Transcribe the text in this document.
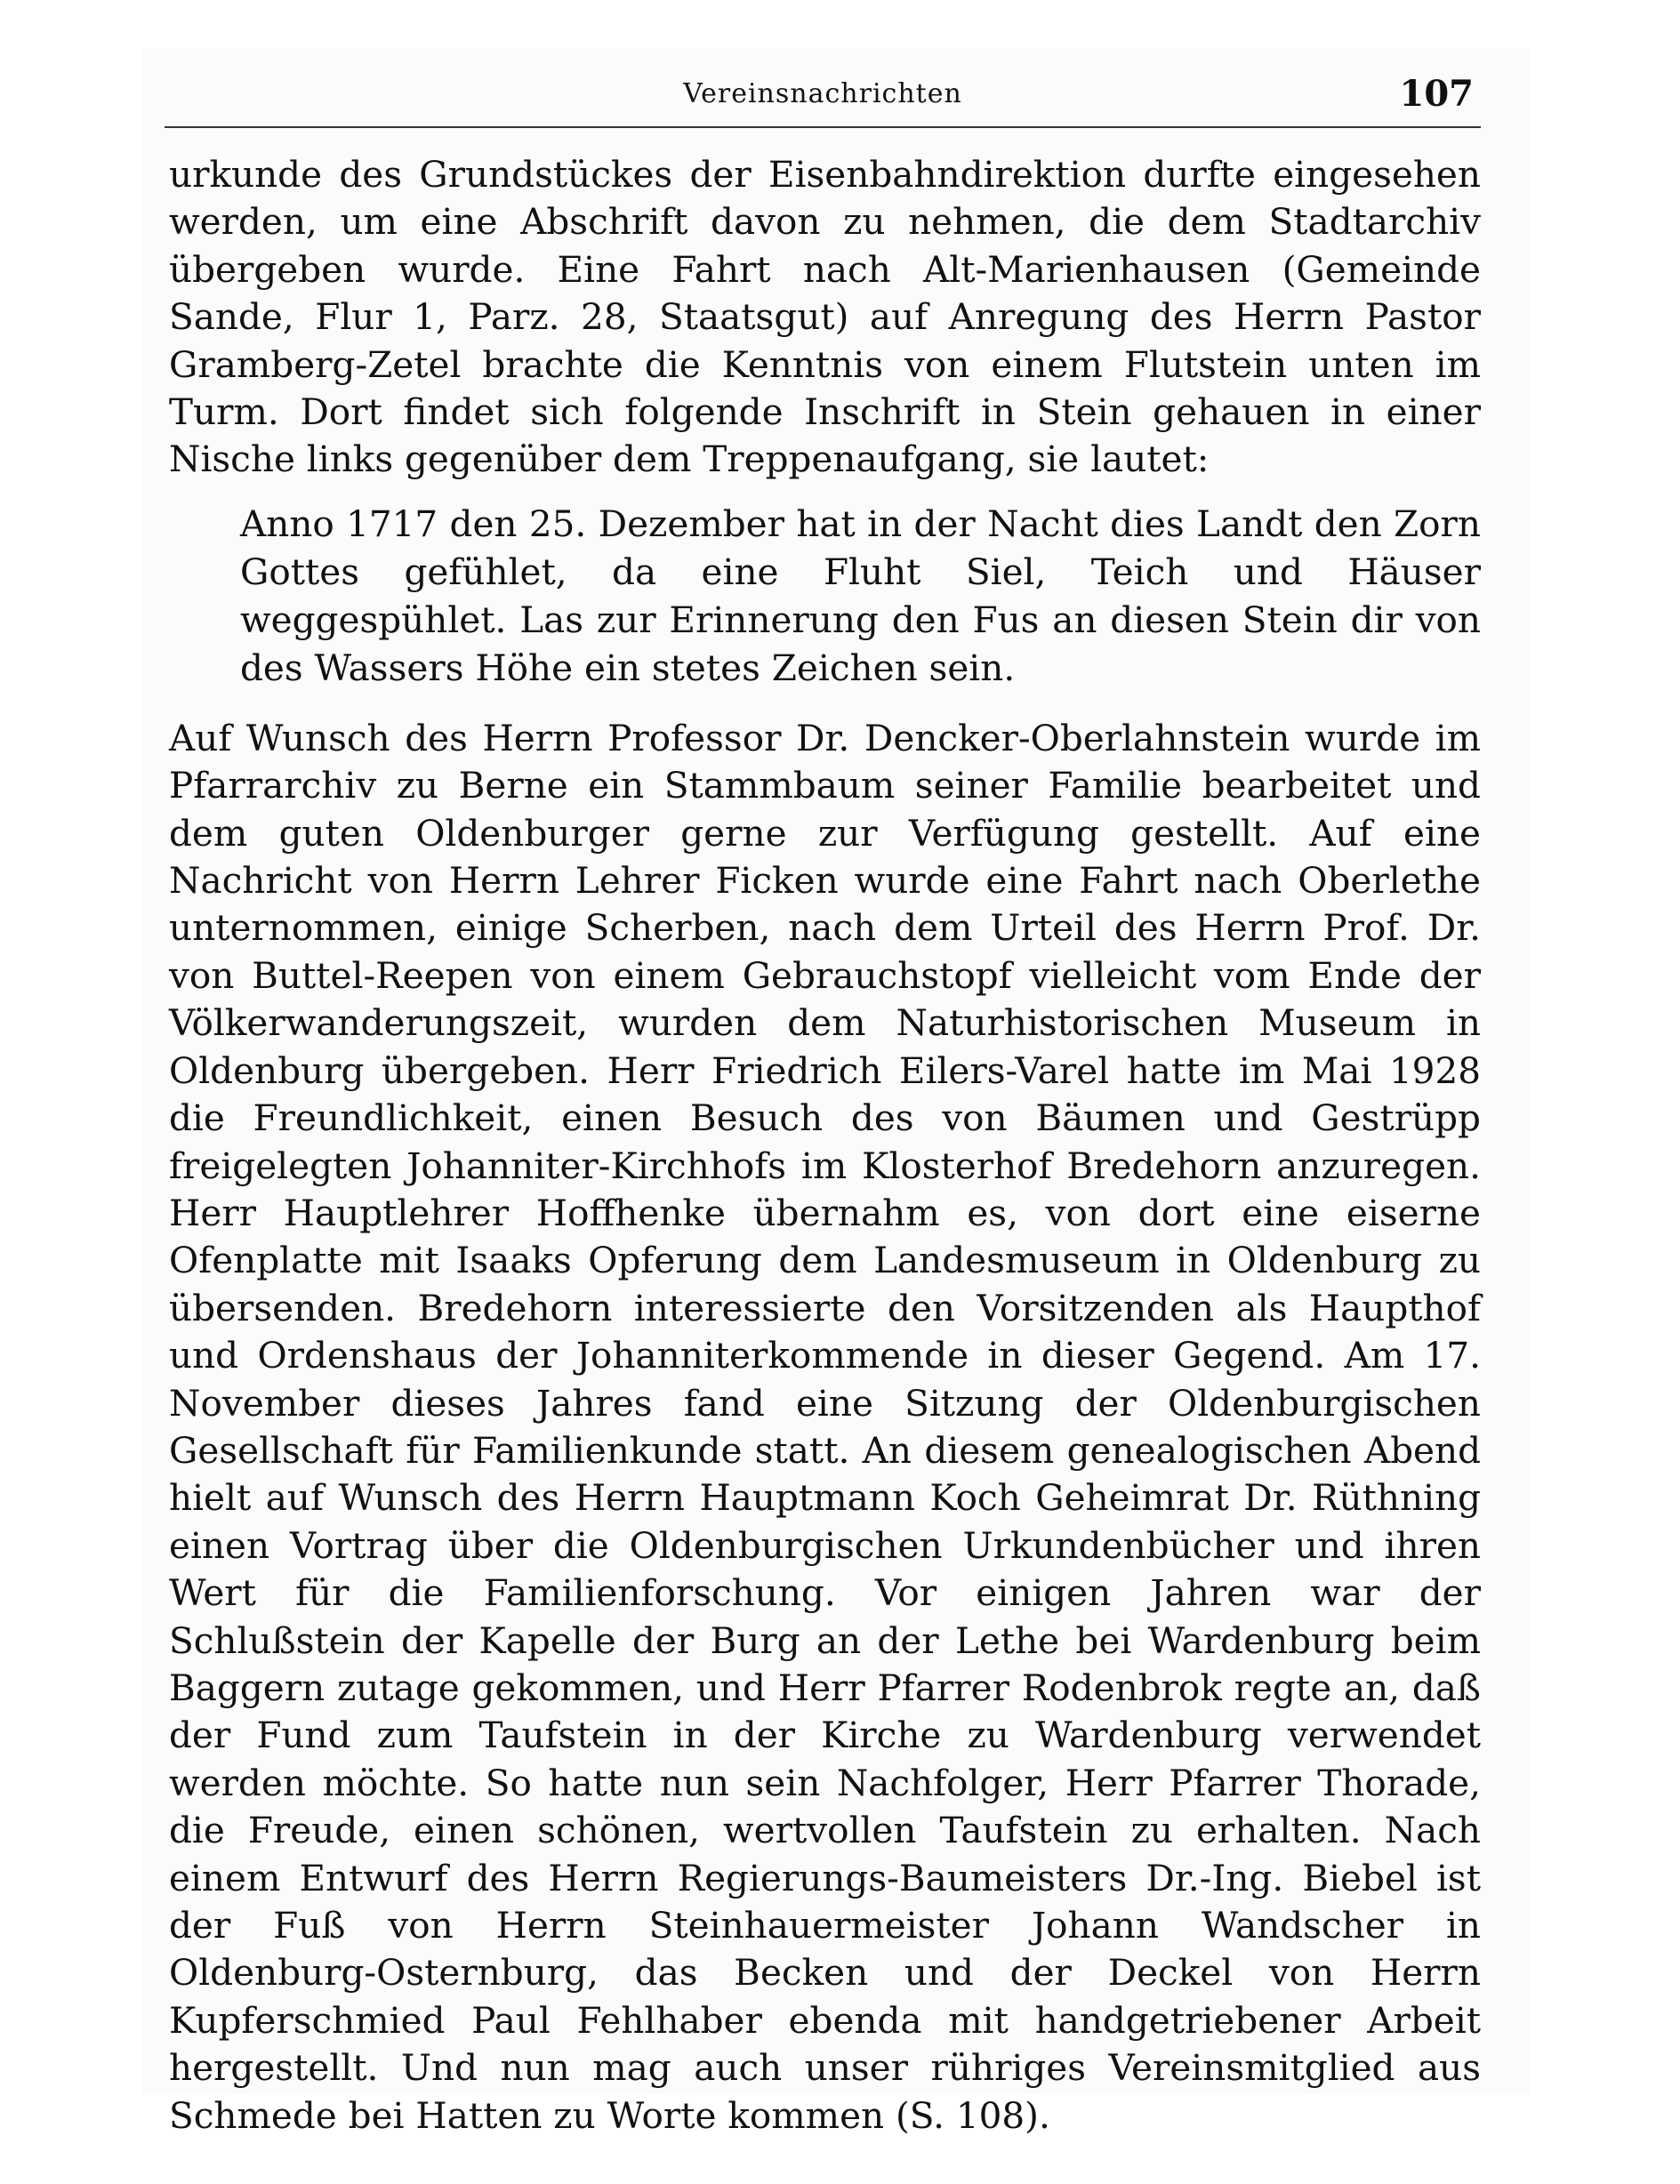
Vereinsnachrichten	107

urkunde des Grundstückes der Eisenbahndirektion durfte eingesehen werden, um eine Abschrift davon zu nehmen, die dem Stadtarchiv übergeben wurde. Eine Fahrt nach Alt-Marienhausen (Gemeinde Sande, Flur 1, Parz. 28, Staatsgut) auf Anregung des Herrn Pastor Gramberg-Zetel brachte die Kenntnis von einem Flutstein unten im Turm. Dort findet sich folgende Inschrift in Stein gehauen in einer Nische links gegenüber dem Treppenaufgang, sie lautet:

Anno 1717 den 25. Dezember hat in der Nacht dies Landt den Zorn Gottes gefühlet, da eine Fluht Siel, Teich und Häuser weggespühlet. Las zur Erinnerung den Fus an diesen Stein dir von des Wassers Höhe ein stetes Zeichen sein.

Auf Wunsch des Herrn Professor Dr. Dencker-Oberlahnstein wurde im Pfarrarchiv zu Berne ein Stammbaum seiner Familie bearbeitet und dem guten Oldenburger gerne zur Verfügung gestellt. Auf eine Nachricht von Herrn Lehrer Ficken wurde eine Fahrt nach Oberlethe unternommen, einige Scherben, nach dem Urteil des Herrn Prof. Dr. von Buttel-Reepen von einem Gebrauchstopf vielleicht vom Ende der Völkerwanderungszeit, wurden dem Naturhistorischen Museum in Oldenburg übergeben. Herr Friedrich Eilers-Varel hatte im Mai 1928 die Freundlichkeit, einen Besuch des von Bäumen und Gestrüpp freigelegten Johanniter-Kirchhofs im Klosterhof Bredehorn anzuregen. Herr Hauptlehrer Hoffhenke übernahm es, von dort eine eiserne Ofenplatte mit Isaaks Opferung dem Landesmuseum in Oldenburg zu übersenden. Bredehorn interessierte den Vorsitzenden als Haupthof und Ordenshaus der Johanniterkommende in dieser Gegend. Am 17. November dieses Jahres fand eine Sitzung der Oldenburgischen Gesellschaft für Familienkunde statt. An diesem genealogischen Abend hielt auf Wunsch des Herrn Hauptmann Koch Geheimrat Dr. Rüthning einen Vortrag über die Oldenburgischen Urkundenbücher und ihren Wert für die Familienforschung. Vor einigen Jahren war der Schlußstein der Kapelle der Burg an der Lethe bei Wardenburg beim Baggern zutage gekommen, und Herr Pfarrer Rodenbrok regte an, daß der Fund zum Taufstein in der Kirche zu Wardenburg verwendet werden möchte. So hatte nun sein Nachfolger, Herr Pfarrer Thorade, die Freude, einen schönen, wertvollen Taufstein zu erhalten. Nach einem Entwurf des Herrn Regierungs-Baumeisters Dr.-Ing. Biebel ist der Fuß von Herrn Steinhauermeister Johann Wandscher in Oldenburg-Osternburg, das Becken und der Deckel von Herrn Kupferschmied Paul Fehlhaber ebenda mit handgetriebener Arbeit hergestellt. Und nun mag auch unser rühriges Vereinsmitglied aus Schmede bei Hatten zu Worte kommen (S. 108).
